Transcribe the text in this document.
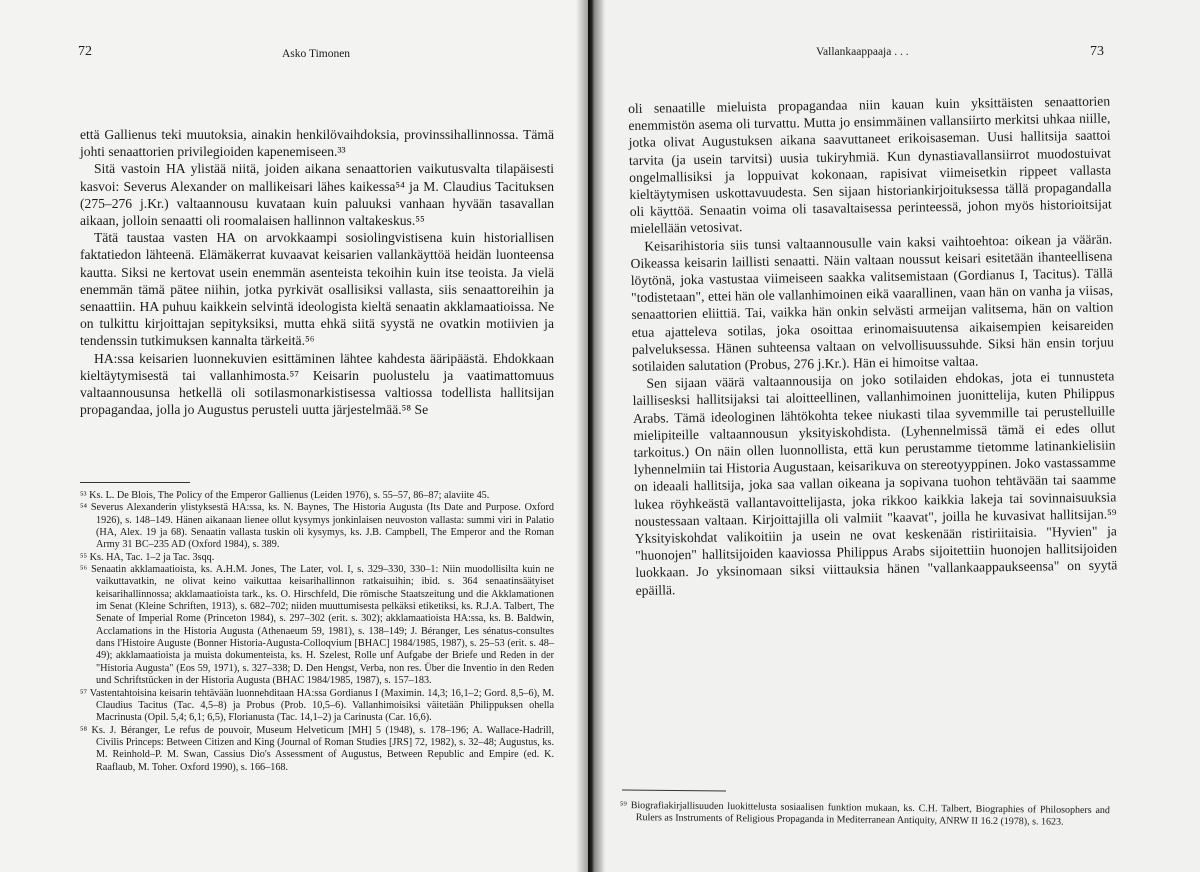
72	Asko Timonen

että Gallienus teki muutoksia, ainakin henkilövaihdoksia, provinssihallinnossa. Tämä johti senaattorien privilegioiden kapenemiseen.³³

Sitä vastoin HA ylistää niitä, joiden aikana senaattorien vaikutusvalta tilapäisesti kasvoi: Severus Alexander on mallikeisari lähes kaikessa⁵⁴ ja M. Claudius Tacituksen (275–276 j.Kr.) valtaannousu kuvataan kuin paluuksi vanhaan hyvään tasavallan aikaan, jolloin senaatti oli roomalaisen hallinnon valtakeskus.⁵⁵

Tätä taustaa vasten HA on arvokkaampi sosiolingvistisena kuin historiallisen faktatiedon lähteenä. Elämäkerrat kuvaavat keisarien vallankäyttöä heidän luonteensa kautta. Siksi ne kertovat usein enemmän asenteista tekoihin kuin itse teoista. Ja vielä enemmän tämä pätee niihin, jotka pyrkivät osallisiksi vallasta, siis senaattoreihin ja senaattiin. HA puhuu kaikkein selvintä ideologista kieltä senaatin akklamaatioissa. Ne on tulkittu kirjoittajan sepityksiksi, mutta ehkä siitä syystä ne ovatkin motiivien ja tendenssin tutkimuksen kannalta tärkeitä.⁵⁶

HA:ssa keisarien luonnekuvien esittäminen lähtee kahdesta ääripäästä. Ehdokkaan kieltäytymisestä tai vallanhimosta.⁵⁷ Keisarin puolustelu ja vaatimattomuus valtaannousunsa hetkellä oli sotilasmonarkistisessa valtiossa todellista hallitsijan propagandaa, jolla jo Augustus perusteli uutta järjestelmää.⁵⁸ Se

⁵³ Ks. L. De Blois, The Policy of the Emperor Gallienus (Leiden 1976), s. 55–57, 86–87; alaviite 45.

⁵⁴ Severus Alexanderin ylistyksestä HA:ssa, ks. N. Baynes, The Historia Augusta (Its Date and Purpose. Oxford 1926), s. 148–149. Hänen aikanaan lienee ollut kysymys jonkinlaisen neuvoston vallasta: summi viri in Palatio (HA, Alex. 19 ja 68). Senaatin vallasta tuskin oli kysymys, ks. J.B. Campbell, The Emperor and the Roman Army 31 BC–235 AD (Oxford 1984), s. 389.

⁵⁵ Ks. HA, Tac. 1–2 ja Tac. 3sqq.

⁵⁶ Senaatin akklamaatioista, ks. A.H.M. Jones, The Later, vol. I, s. 329–330, 330–1: Niin muodollisilta kuin ne vaikuttavatkin, ne olivat keino vaikuttaa keisarihallinnon ratkaisuihin; ibid. s. 364 senaatinsäätyiset keisarihallinnossa; akklamaatioista tark., ks. O. Hirschfeld, Die römische Staatszeitung und die Akklamationen im Senat (Kleine Schriften, 1913), s. 682–702; niiden muuttumisesta pelkäksi etiketiksi, ks. R.J.A. Talbert, The Senate of Imperial Rome (Princeton 1984), s. 297–302 (erit. s. 302); akklamaatioista HA:ssa, ks. B. Baldwin, Acclamations in the Historia Augusta (Athenaeum 59, 1981), s. 138–149; J. Béranger, Les sénatus-consultes dans l'Histoire Auguste (Bonner Historia-Augusta-Colloqvium [BHAC] 1984/1985, 1987), s. 25–53 (erit. s. 48–49); akklamaatioista ja muista dokumenteista, ks. H. Szelest, Rolle unf Aufgabe der Briefe und Reden in der "Historia Augusta" (Eos 59, 1971), s. 327–338; D. Den Hengst, Verba, non res. Über die Inventio in den Reden und Schriftstücken in der Historia Augusta (BHAC 1984/1985, 1987), s. 157–183.

⁵⁷ Vastentahtoisina keisarin tehtävään luonnehditaan HA:ssa Gordianus I (Maximin. 14,3; 16,1–2; Gord. 8,5–6), M. Claudius Tacitus (Tac. 4,5–8) ja Probus (Prob. 10,5–6). Vallanhimoisiksi väitetään Philippuksen ohella Macrinusta (Opil. 5,4; 6,1; 6,5), Florianusta (Tac. 14,1–2) ja Carinusta (Car. 16,6).

⁵⁸ Ks. J. Béranger, Le refus de pouvoir, Museum Helveticum [MH] 5 (1948), s. 178–196; A. Wallace-Hadrill, Civilis Princeps: Between Citizen and King (Journal of Roman Studies [JRS] 72, 1982), s. 32–48; Augustus, ks. M. Reinhold–P. M. Swan, Cassius Dio's Assessment of Augustus, Between Republic and Empire (ed. K. Raaflaub, M. Toher. Oxford 1990), s. 166–168.

Vallankaappaaja . . .	73

oli senaatille mieluista propagandaa niin kauan kuin yksittäisten senaattorien enemmistön asema oli turvattu. Mutta jo ensimmäinen vallansiirto merkitsi uhkaa niille, jotka olivat Augustuksen aikana saavuttaneet erikoisaseman. Uusi hallitsija saattoi tarvita (ja usein tarvitsi) uusia tukiryhmiä. Kun dynastiavallansiirrot muodostuivat ongelmallisiksi ja loppuivat kokonaan, rapisivat viimeisetkin rippeet vallasta kieltäytymisen uskottavuudesta. Sen sijaan historiankirjoituksessa tällä propagandalla oli käyttöä. Senaatin voima oli tasavaltaisessa perinteessä, johon myös historioitsijat mielellään vetosivat.

Keisarihistoria siis tunsi valtaannousulle vain kaksi vaihtoehtoa: oikean ja väärän. Oikeassa keisarin laillisti senaatti. Näin valtaan noussut keisari esitetään ihanteellisena löytönä, joka vastustaa viimeiseen saakka valitsemistaan (Gordianus I, Tacitus). Tällä "todistetaan", ettei hän ole vallanhimoinen eikä vaarallinen, vaan hän on vanha ja viisas, senaattorien eliittiä. Tai, vaikka hän onkin selvästi armeijan valitsema, hän on valtion etua ajatteleva sotilas, joka osoittaa erinomaisuutensa aikaisempien keisareiden palveluksessa. Hänen suhteensa valtaan on velvollisuussuhde. Siksi hän ensin torjuu sotilaiden salutation (Probus, 276 j.Kr.). Hän ei himoitse valtaa.

Sen sijaan väärä valtaannousija on joko sotilaiden ehdokas, jota ei tunnusteta laillisesksi hallitsijaksi tai aloitteellinen, vallanhimoinen juonittelija, kuten Philippus Arabs. Tämä ideologinen lähtökohta tekee niukasti tilaa syvemmille tai perustelluille mielipiteille valtaannousun yksityiskohdista. (Lyhennelmissä tämä ei edes ollut tarkoitus.) On näin ollen luonnollista, että kun perustamme tietomme latinankielisiin lyhennelmiin tai Historia Augustaan, keisarikuva on stereotyyppinen. Joko vastassamme on ideaali hallitsija, joka saa vallan oikeana ja sopivana tuohon tehtävään tai saamme lukea röyhkeästä vallantavoittelijasta, joka rikkoo kaikkia lakeja tai sovinnaisuuksia noustessaan valtaan. Kirjoittajilla oli valmiit "kaavat", joilla he kuvasivat hallitsijan.⁵⁹ Yksityiskohdat valikoitiin ja usein ne ovat keskenään ristiriitaisia. "Hyvien" ja "huonojen" hallitsijoiden kaaviossa Philippus Arabs sijoitettiin huonojen hallitsijoiden luokkaan. Jo yksinomaan siksi viittauksia hänen "vallankaappaukseensa" on syytä epäillä.

⁵⁹ Biografiakirjallisuuden luokittelusta sosiaalisen funktion mukaan, ks. C.H. Talbert, Biographies of Philosophers and Rulers as Instruments of Religious Propaganda in Mediterranean Antiquity, ANRW II 16.2 (1978), s. 1623.
